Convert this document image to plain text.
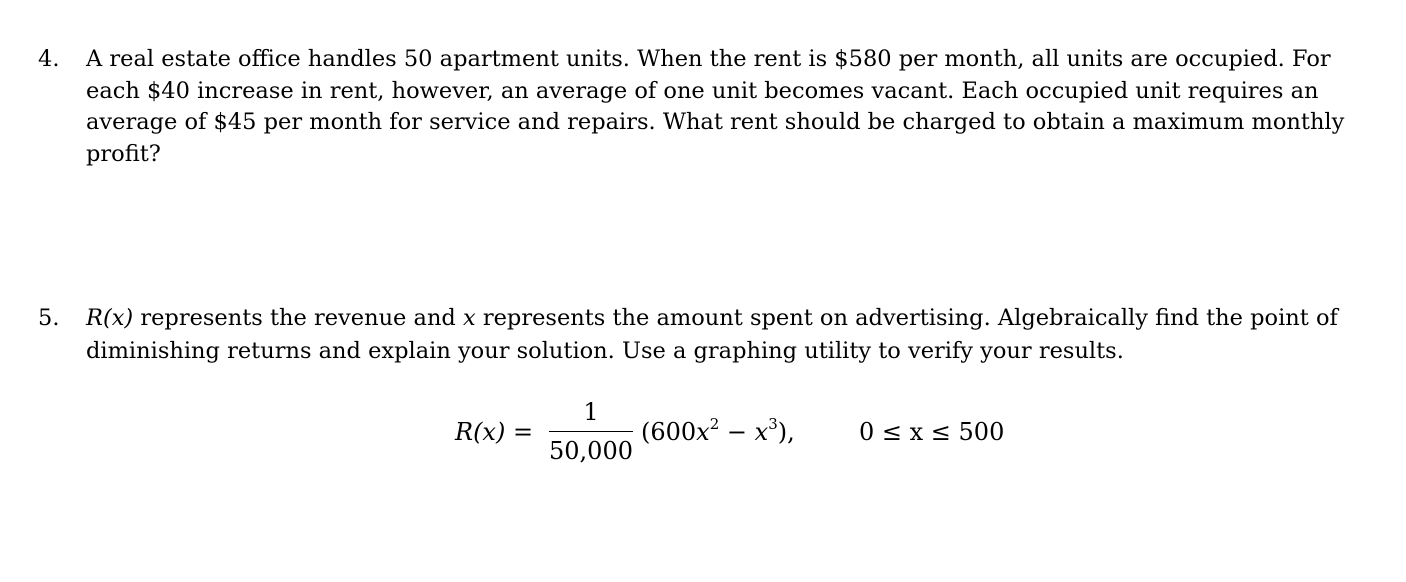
4.	A real estate office handles 50 apartment units. When the rent is $580 per month, all units are occupied. For each $40 increase in rent, however, an average of one unit becomes vacant. Each occupied unit requires an average of $45 per month for service and repairs. What rent should be charged to obtain a maximum monthly profit?
5.	R(x) represents the revenue and x represents the amount spent on advertising. Algebraically find the point of diminishing returns and explain your solution. Use a graphing utility to verify your results.
R(x) =
1
50,000
$(600x^2 - x^3)$,	0 ≤ x ≤ 500
